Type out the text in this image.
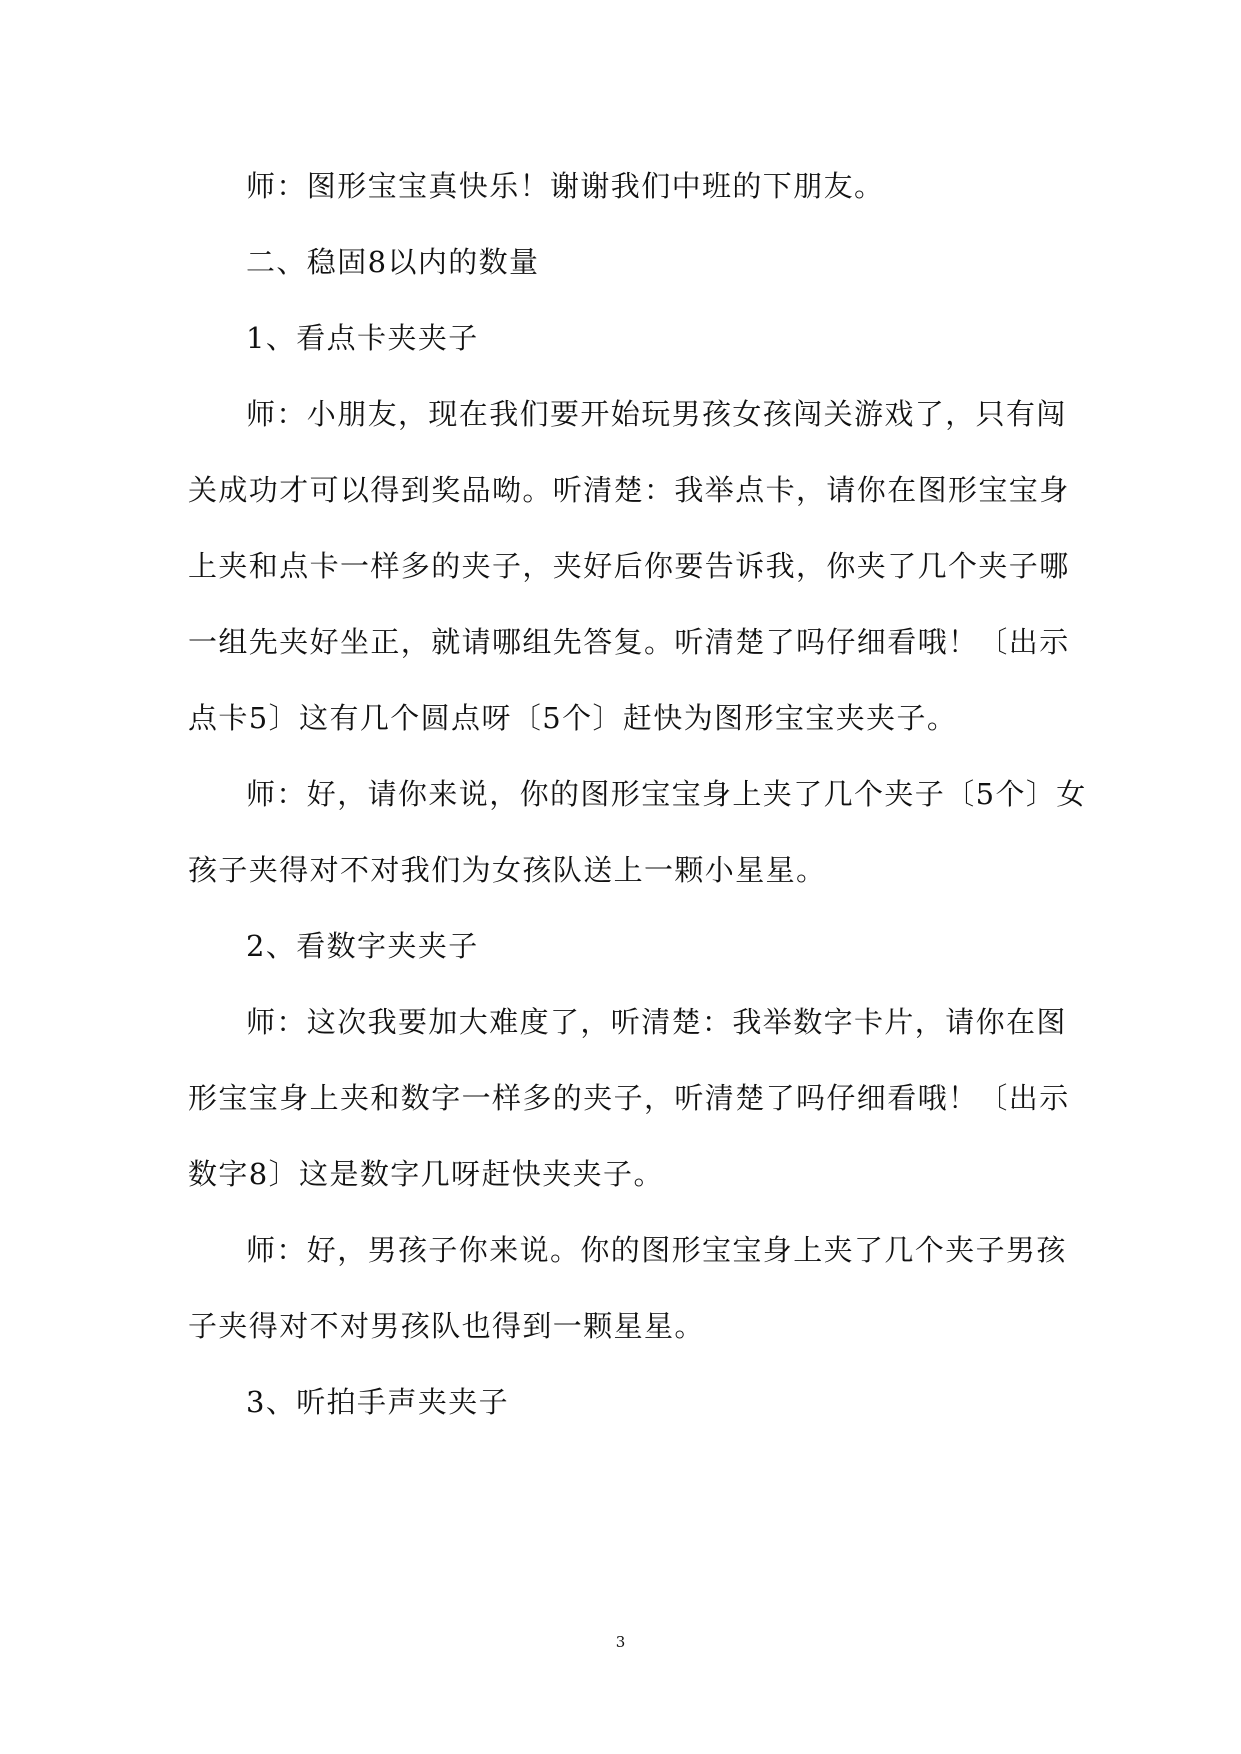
师：图形宝宝真快乐！谢谢我们中班的下朋友。
二、稳固8以内的数量
1、看点卡夹夹子
师：小朋友，现在我们要开始玩男孩女孩闯关游戏了，只有闯
关成功才可以得到奖品呦。听清楚：我举点卡，请你在图形宝宝身
上夹和点卡一样多的夹子，夹好后你要告诉我，你夹了几个夹子哪
一组先夹好坐正，就请哪组先答复。听清楚了吗仔细看哦！〔出示
点卡5〕这有几个圆点呀〔5个〕赶快为图形宝宝夹夹子。
师：好，请你来说，你的图形宝宝身上夹了几个夹子〔5个〕女
孩子夹得对不对我们为女孩队送上一颗小星星。
2、看数字夹夹子
师：这次我要加大难度了，听清楚：我举数字卡片，请你在图
形宝宝身上夹和数字一样多的夹子，听清楚了吗仔细看哦！〔出示
数字8〕这是数字几呀赶快夹夹子。
师：好，男孩子你来说。你的图形宝宝身上夹了几个夹子男孩
子夹得对不对男孩队也得到一颗星星。
3、听拍手声夹夹子
3
